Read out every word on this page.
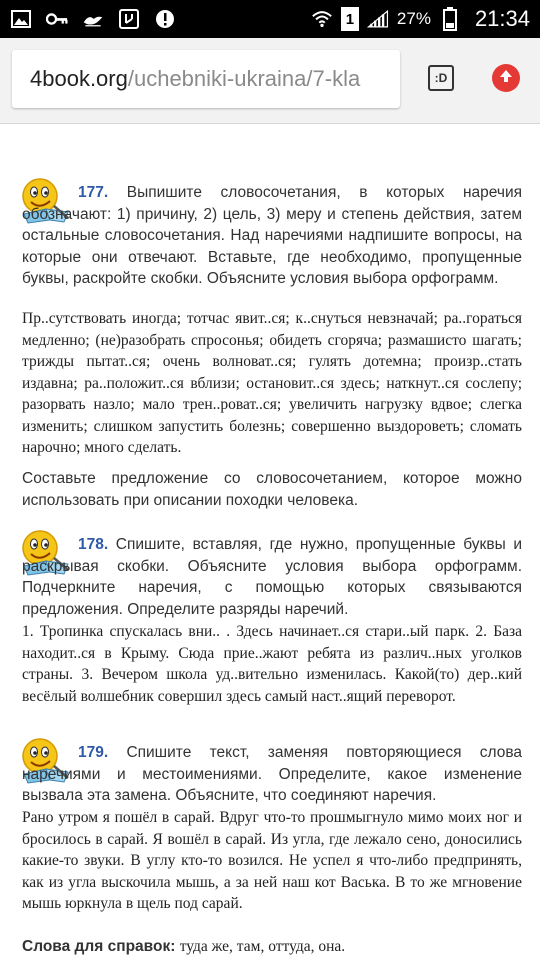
1	27% 21:34
4book.org /uchebniki-ukraina/7-kla	:D
177. Выпишите словосочетания, в которых наречия обозначают: 1) причину, 2) цель, 3) меру и степень действия, затем остальные словосочетания. Над наречиями надпишите вопросы, на которые они отвечают. Вставьте, где необходимо, пропущенные буквы, раскройте скобки. Объясните условия выбора орфограмм.
Пр..сутствовать иногда; тотчас явит..ся; к..снуться невзначай; ра..гораться медленно; (не)разобрать спросонья; обидеть сгоряча; размашисто шагать; трижды пытат..ся; очень волноват..ся; гулять дотемна; произр..стать издавна; ра..положит..ся вблизи; остановит..ся здесь; наткнут..ся сослепу; разорвать назло; мало трен..роват..ся; увеличить нагрузку вдвое; слегка изменить; слишком запустить болезнь; совершенно выздороветь; сломать нарочно; много сделать.
Составьте предложение со словосочетанием, которое можно использовать при описании походки человека.
178. Спишите, вставляя, где нужно, пропущенные буквы и раскрывая скобки. Объясните условия выбора орфограмм. Подчеркните наречия, с помощью которых связываются предложения. Определите разряды наречий.
1. Тропинка спускалась вни.. . Здесь начинает..ся стари..ый парк. 2. База находит..ся в Крыму. Сюда прие..жают ребята из различ..ных уголков страны. 3. Вечером школа уд..вительно изменилась. Какой(то) дер..кий весёлый волшебник совершил здесь самый наст..ящий переворот.
179. Спишите текст, заменяя повторяющиеся слова наречиями и местоимениями. Определите, какое изменение вызвала эта замена. Объясните, что соединяют наречия.
Рано утром я пошёл в сарай. Вдруг что-то прошмыгнуло мимо моих ног и бросилось в сарай. Я вошёл в сарай. Из угла, где лежало сено, доносились какие-то звуки. В углу кто-то возился. Не успел я что-либо предпринять, как из угла выскочила мышь, а за ней наш кот Васька. В то же мгновение мышь юркнула в щель под сарай.
Слова для справок: туда же, там, оттуда, она.
